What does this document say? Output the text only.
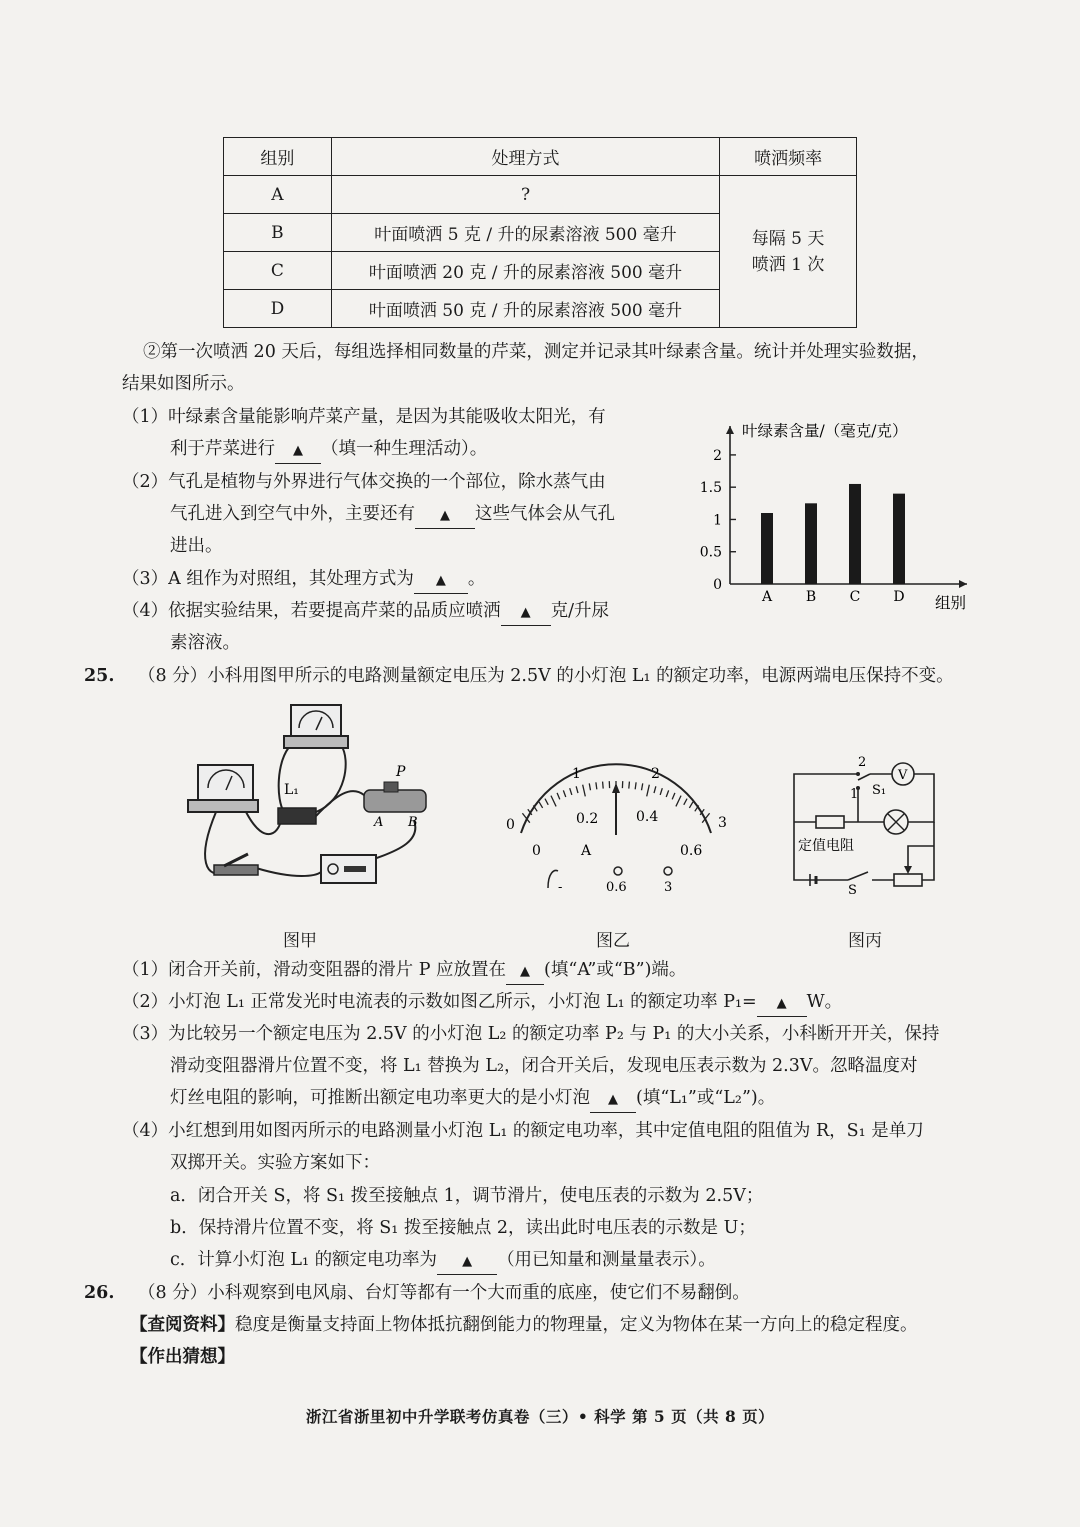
组别	处理方式	喷洒频率
A	?	每隔 5 天
喷洒 1 次
B	叶面喷洒 5 克 / 升的尿素溶液 500 毫升	
C	叶面喷洒 20 克 / 升的尿素溶液 500 毫升	
D	叶面喷洒 50 克 / 升的尿素溶液 500 毫升	
②第一次喷洒 20 天后，每组选择相同数量的芹菜，测定并记录其叶绿素含量。统计并处理实验数据，
结果如图所示。
（1）叶绿素含量能影响芹菜产量，是因为其能吸收太阳光，有
利于芹菜进行 ▲ （填一种生理活动）。
（2）气孔是植物与外界进行气体交换的一个部位，除水蒸气由
气孔进入到空气中外，主要还有 ▲ 这些气体会从气孔
进出。
（3）A 组作为对照组，其处理方式为 ▲ 。
（4）依据实验结果，若要提高芹菜的品质应喷洒 ▲ 克/升尿
素溶液。
叶绿素含量/（毫克/克）
0
0.5
1
1.5
2
A B C D 组别
25. （8 分）小科用图甲所示的电路测量额定电压为 2.5V 的小灯泡 L₁ 的额定功率，电源两端电压保持不变。
L₁
P
A B	0
1	2
3
0
0.2	0.4
0.6
A
-	0.6	3
V
2
1 S₁
定值电阻
S
图甲	图乙	图丙
（1）闭合开关前，滑动变阻器的滑片 P 应放置在 ▲ (填“A”或“B”)端。
（2）小灯泡 L₁ 正常发光时电流表的示数如图乙所示，小灯泡 L₁ 的额定功率 P₁= ▲ W。
（3）为比较另一个额定电压为 2.5V 的小灯泡 L₂ 的额定功率 P₂ 与 P₁ 的大小关系，小科断开开关，保持
滑动变阻器滑片位置不变，将 L₁ 替换为 L₂，闭合开关后，发现电压表示数为 2.3V。忽略温度对
灯丝电阻的影响，可推断出额定电功率更大的是小灯泡 ▲ (填“L₁”或“L₂”)。
（4）小红想到用如图丙所示的电路测量小灯泡 L₁ 的额定电功率，其中定值电阻的阻值为 R，S₁ 是单刀
双掷开关。实验方案如下：
a．闭合开关 S，将 S₁ 拨至接触点 1，调节滑片，使电压表的示数为 2.5V；
b．保持滑片位置不变，将 S₁ 拨至接触点 2，读出此时电压表的示数是 U；
c．计算小灯泡 L₁ 的额定电功率为 ▲ （用已知量和测量量表示）。
26. （8 分）小科观察到电风扇、台灯等都有一个大而重的底座，使它们不易翻倒。
【查阅资料】稳度是衡量支持面上物体抵抗翻倒能力的物理量，定义为物体在某一方向上的稳定程度。
【作出猜想】
浙江省浙里初中升学联考仿真卷（三）• 科学 第 5 页（共 8 页）
